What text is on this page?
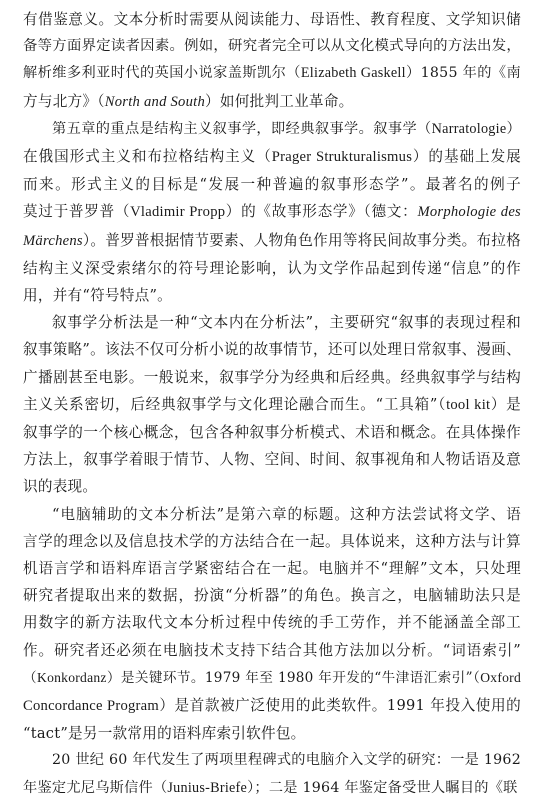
有借鉴意义。文本分析时需要从阅读能力、母语性、教育程度、文学知识储
备等方面界定读者因素。例如，研究者完全可以从文化模式导向的方法出发，
解析维多利亚时代的英国小说家盖斯凯尔（Elizabeth Gaskell）1855 年的《南
方与北方》（North and South）如何批判工业革命。

第五章的重点是结构主义叙事学，即经典叙事学。叙事学（Narratologie）
在俄国形式主义和布拉格结构主义（Prager Strukturalismus）的基础上发展
而来。形式主义的目标是“发展一种普遍的叙事形态学”。最著名的例子
莫过于普罗普（Vladimir Propp）的《故事形态学》（德文：Morphologie des
Märchens）。普罗普根据情节要素、人物角色作用等将民间故事分类。布拉格
结构主义深受索绪尔的符号理论影响，认为文学作品起到传递“信息”的作
用，并有“符号特点”。

叙事学分析法是一种“文本内在分析法”，主要研究“叙事的表现过程和
叙事策略”。该法不仅可分析小说的故事情节，还可以处理日常叙事、漫画、
广播剧甚至电影。一般说来，叙事学分为经典和后经典。经典叙事学与结构
主义关系密切，后经典叙事学与文化理论融合而生。“工具箱”（tool kit）是
叙事学的一个核心概念，包含各种叙事分析模式、术语和概念。在具体操作
方法上，叙事学着眼于情节、人物、空间、时间、叙事视角和人物话语及意
识的表现。

“电脑辅助的文本分析法”是第六章的标题。这种方法尝试将文学、语
言学的理念以及信息技术学的方法结合在一起。具体说来，这种方法与计算
机语言学和语料库语言学紧密结合在一起。电脑并不“理解”文本，只处理
研究者提取出来的数据，扮演“分析器”的角色。换言之，电脑辅助法只是
用数字的新方法取代文本分析过程中传统的手工劳作，并不能涵盖全部工
作。研究者还必须在电脑技术支持下结合其他方法加以分析。“词语索引”
（Konkordanz）是关键环节。1979 年至 1980 年开发的“牛津语汇索引”（Oxford
Concordance Program）是首款被广泛使用的此类软件。1991 年投入使用的
“tact”是另一款常用的语料库索引软件包。

20 世纪 60 年代发生了两项里程碑式的电脑介入文学的研究：一是 1962
年鉴定尤尼乌斯信件（Junius-Briefe）；二是 1964 年鉴定备受世人瞩目的《联
